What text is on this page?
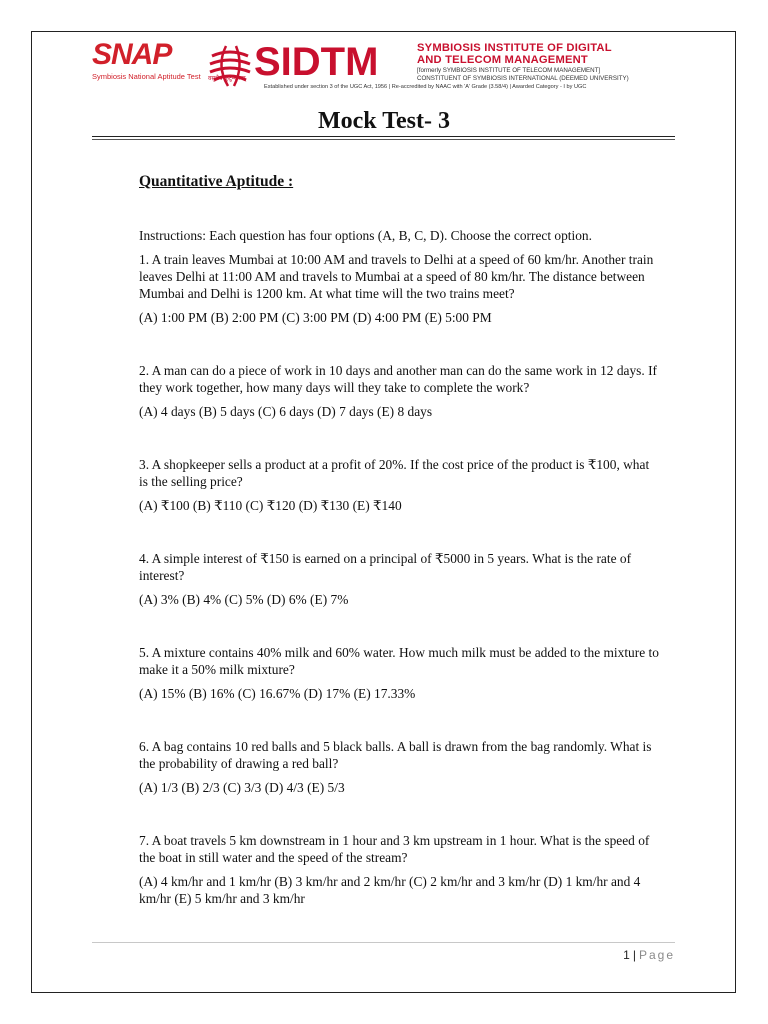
SNAP
Symbiosis National Aptitude Test SIDTM	SYMBIOSIS INSTITUTE OF DIGITAL
AND TELECOM MANAGEMENT
[formerly SYMBIOSIS INSTITUTE OF TELECOM MANAGEMENT]
CONSTITUENT OF SYMBIOSIS INTERNATIONAL (DEEMED UNIVERSITY)
वसुधैव कुटुम्बकम्
Established under section 3 of the UGC Act, 1956 | Re-accredited by NAAC with 'A' Grade (3.58/4) | Awarded Category - I by UGC
Mock Test- 3
Quantitative Aptitude :
Instructions: Each question has four options (A, B, C, D). Choose the correct option.
1. A train leaves Mumbai at 10:00 AM and travels to Delhi at a speed of 60 km/hr. Another train leaves Delhi at 11:00 AM and travels to Mumbai at a speed of 80 km/hr. The distance between Mumbai and Delhi is 1200 km. At what time will the two trains meet?
(A) 1:00 PM (B) 2:00 PM (C) 3:00 PM (D) 4:00 PM (E) 5:00 PM
2. A man can do a piece of work in 10 days and another man can do the same work in 12 days. If they work together, how many days will they take to complete the work?
(A) 4 days (B) 5 days (C) 6 days (D) 7 days (E) 8 days
3. A shopkeeper sells a product at a profit of 20%. If the cost price of the product is ₹100, what is the selling price?
(A) ₹100 (B) ₹110 (C) ₹120 (D) ₹130 (E) ₹140
4. A simple interest of ₹150 is earned on a principal of ₹5000 in 5 years. What is the rate of interest?
(A) 3% (B) 4% (C) 5% (D) 6% (E) 7%
5. A mixture contains 40% milk and 60% water. How much milk must be added to the mixture to make it a 50% milk mixture?
(A) 15% (B) 16% (C) 16.67% (D) 17% (E) 17.33%
6. A bag contains 10 red balls and 5 black balls. A ball is drawn from the bag randomly. What is the probability of drawing a red ball?
(A) 1/3 (B) 2/3 (C) 3/3 (D) 4/3 (E) 5/3
7. A boat travels 5 km downstream in 1 hour and 3 km upstream in 1 hour. What is the speed of the boat in still water and the speed of the stream?
(A) 4 km/hr and 1 km/hr (B) 3 km/hr and 2 km/hr (C) 2 km/hr and 3 km/hr (D) 1 km/hr and 4 km/hr (E) 5 km/hr and 3 km/hr
1 | Page
